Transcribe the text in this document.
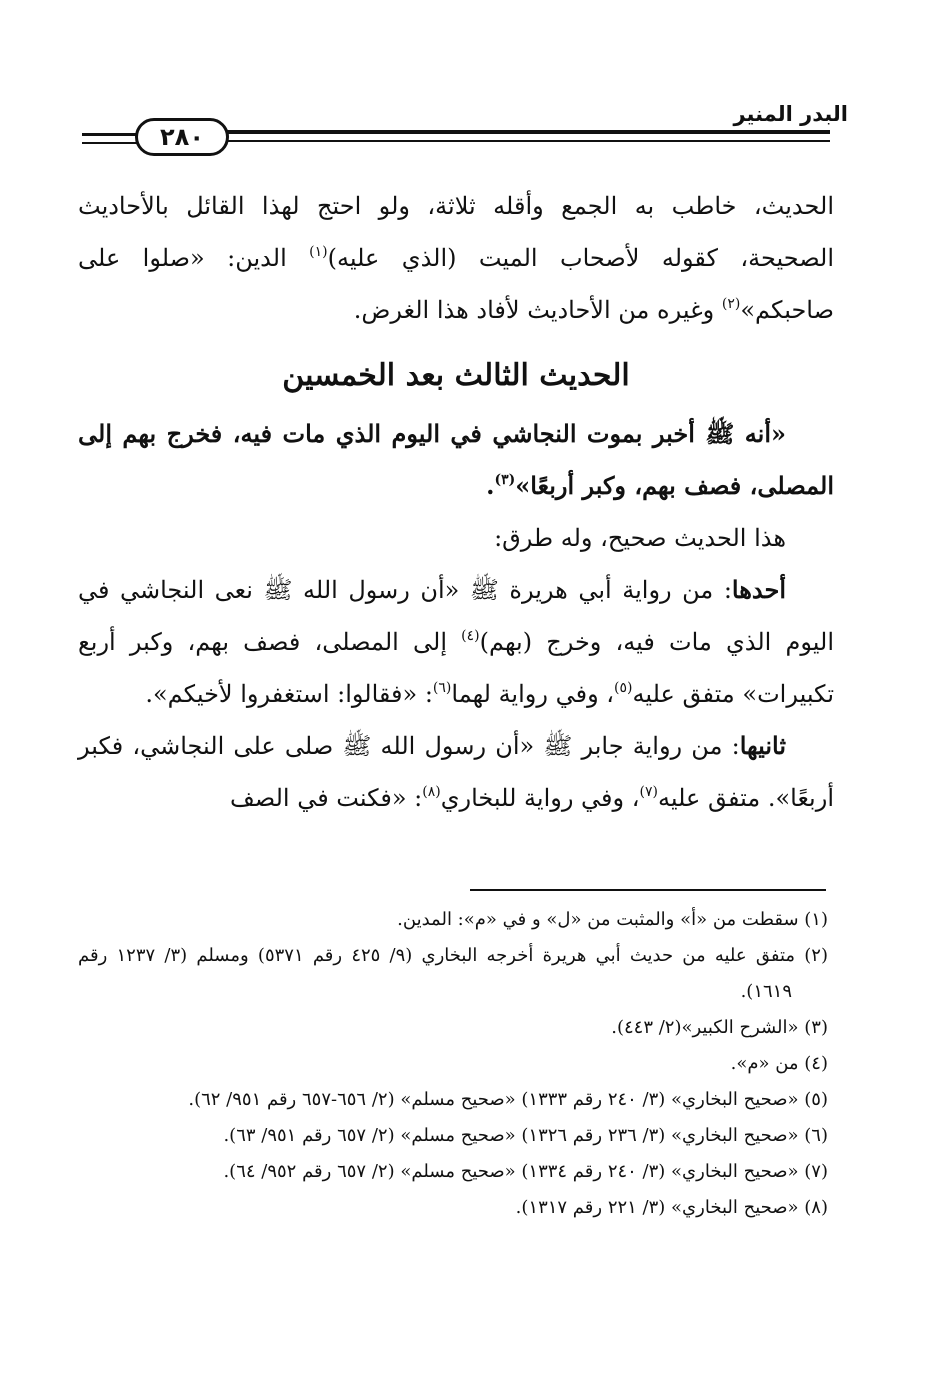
البدر المنير
٢٨٠

الحديث، خاطب به الجمع وأقله ثلاثة، ولو احتج لهذا القائل بالأحاديث الصحيحة، كقوله لأصحاب الميت (الذي عليه)$^{(١)}$ الدين: «صلوا على صاحبكم»$^{(٢)}$ وغيره من الأحاديث لأفاد هذا الغرض.

الحديث الثالث بعد الخمسين

«أنه ﷺ أخبر بموت النجاشي في اليوم الذي مات فيه، فخرج بهم إلى المصلى، فصف بهم، وكبر أربعًا»$^{(٣)}$.

هذا الحديث صحيح، وله طرق:

أحدها: من رواية أبي هريرة ﷺ «أن رسول الله ﷺ نعى النجاشي في اليوم الذي مات فيه، وخرج (بهم)$^{(٤)}$ إلى المصلى، فصف بهم، وكبر أربع تكبيرات» متفق عليه$^{(٥)}$، وفي رواية لهما$^{(٦)}$: «فقالوا: استغفروا لأخيكم».

ثانيها: من رواية جابر ﷺ «أن رسول الله ﷺ صلى على النجاشي، فكبر أربعًا». متفق عليه$^{(٧)}$، وفي رواية للبخاري$^{(٨)}$: «فكنت في الصف

(١) سقطت من «أ» والمثبت من «ل» و في «م»: المدين.
(٢) متفق عليه من حديث أبي هريرة أخرجه البخاري (٩/ ٤٢٥ رقم ٥٣٧١) ومسلم (٣/ ١٢٣٧ رقم ١٦١٩).
(٣) «الشرح الكبير»(٢/ ٤٤٣).
(٤) من «م».
(٥) «صحيح البخاري» (٣/ ٢٤٠ رقم ١٣٣٣) «صحيح مسلم» (٢/ ٦٥٦-٦٥٧ رقم ٩٥١/ ٦٢).
(٦) «صحيح البخاري» (٣/ ٢٣٦ رقم ١٣٢٦) «صحيح مسلم» (٢/ ٦٥٧ رقم ٩٥١/ ٦٣).
(٧) «صحيح البخاري» (٣/ ٢٤٠ رقم ١٣٣٤) «صحيح مسلم» (٢/ ٦٥٧ رقم ٩٥٢/ ٦٤).
(٨) «صحيح البخاري» (٣/ ٢٢١ رقم ١٣١٧).
